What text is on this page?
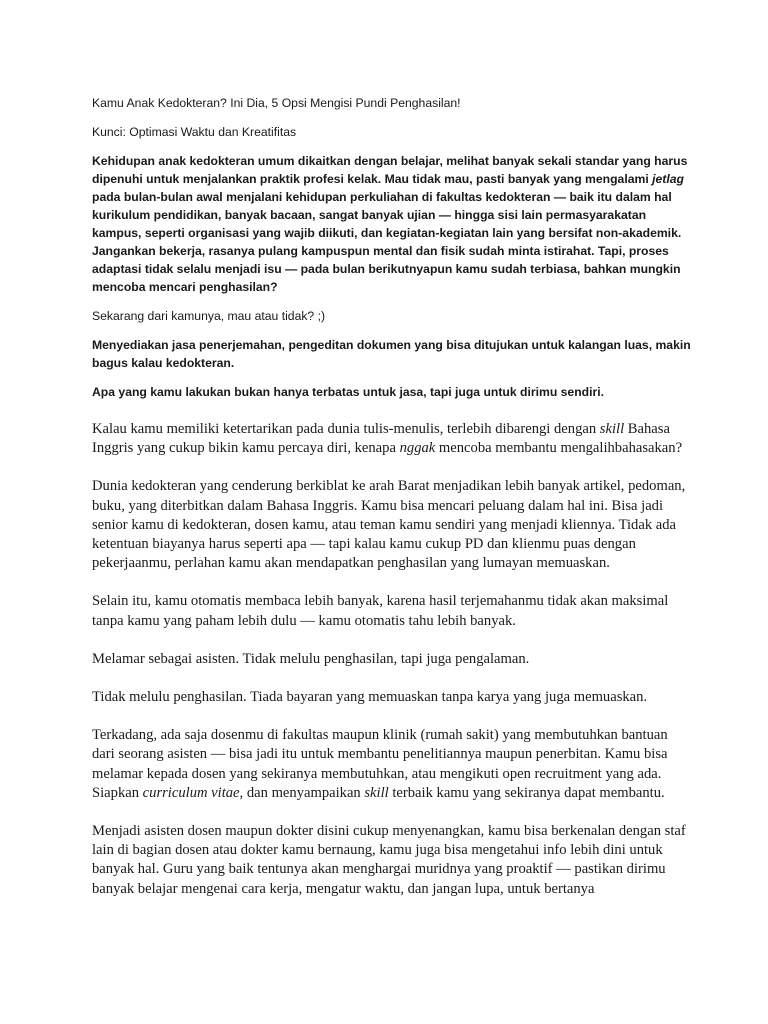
Kamu Anak Kedokteran? Ini Dia, 5 Opsi Mengisi Pundi Penghasilan!

Kunci: Optimasi Waktu dan Kreatifitas

Kehidupan anak kedokteran umum dikaitkan dengan belajar, melihat banyak sekali standar yang harus dipenuhi untuk menjalankan praktik profesi kelak. Mau tidak mau, pasti banyak yang mengalami jetlag pada bulan-bulan awal menjalani kehidupan perkuliahan di fakultas kedokteran — baik itu dalam hal kurikulum pendidikan, banyak bacaan, sangat banyak ujian — hingga sisi lain permasyarakatan kampus, seperti organisasi yang wajib diikuti, dan kegiatan-kegiatan lain yang bersifat non-akademik. Jangankan bekerja, rasanya pulang kampuspun mental dan fisik sudah minta istirahat. Tapi, proses adaptasi tidak selalu menjadi isu — pada bulan berikutnyapun kamu sudah terbiasa, bahkan mungkin mencoba mencari penghasilan?

Sekarang dari kamunya, mau atau tidak? ;)

Menyediakan jasa penerjemahan, pengeditan dokumen yang bisa ditujukan untuk kalangan luas, makin bagus kalau kedokteran.

Apa yang kamu lakukan bukan hanya terbatas untuk jasa, tapi juga untuk dirimu sendiri.

Kalau kamu memiliki ketertarikan pada dunia tulis-menulis, terlebih dibarengi dengan skill Bahasa Inggris yang cukup bikin kamu percaya diri, kenapa nggak mencoba membantu mengalihbahasakan?

Dunia kedokteran yang cenderung berkiblat ke arah Barat menjadikan lebih banyak artikel, pedoman, buku, yang diterbitkan dalam Bahasa Inggris. Kamu bisa mencari peluang dalam hal ini. Bisa jadi senior kamu di kedokteran, dosen kamu, atau teman kamu sendiri yang menjadi kliennya. Tidak ada ketentuan biayanya harus seperti apa — tapi kalau kamu cukup PD dan klienmu puas dengan pekerjaanmu, perlahan kamu akan mendapatkan penghasilan yang lumayan memuaskan.

Selain itu, kamu otomatis membaca lebih banyak, karena hasil terjemahanmu tidak akan maksimal tanpa kamu yang paham lebih dulu — kamu otomatis tahu lebih banyak.

Melamar sebagai asisten. Tidak melulu penghasilan, tapi juga pengalaman.

Tidak melulu penghasilan. Tiada bayaran yang memuaskan tanpa karya yang juga memuaskan.

Terkadang, ada saja dosenmu di fakultas maupun klinik (rumah sakit) yang membutuhkan bantuan dari seorang asisten — bisa jadi itu untuk membantu penelitiannya maupun penerbitan. Kamu bisa melamar kepada dosen yang sekiranya membutuhkan, atau mengikuti open recruitment yang ada. Siapkan curriculum vitae, dan menyampaikan skill terbaik kamu yang sekiranya dapat membantu.

Menjadi asisten dosen maupun dokter disini cukup menyenangkan, kamu bisa berkenalan dengan staf lain di bagian dosen atau dokter kamu bernaung, kamu juga bisa mengetahui info lebih dini untuk banyak hal. Guru yang baik tentunya akan menghargai muridnya yang proaktif — pastikan dirimu banyak belajar mengenai cara kerja, mengatur waktu, dan jangan lupa, untuk bertanya
